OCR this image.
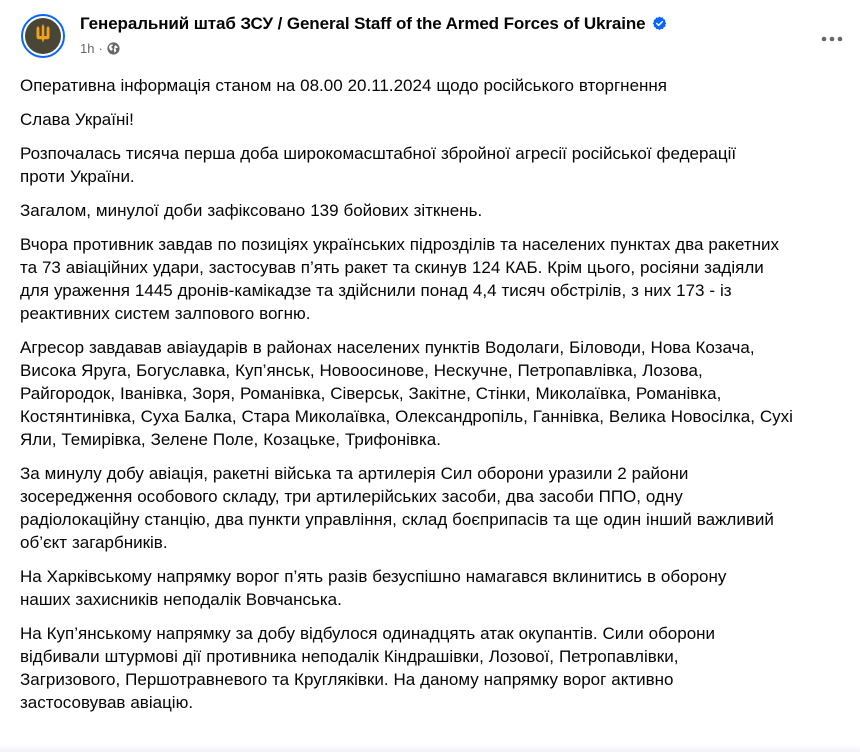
Генеральний штаб ЗСУ / General Staff of the Armed Forces of Ukraine
1h ·
Оперативна інформація станом на 08.00 20.11.2024 щодо російського вторгнення
Слава Україні!
Розпочалась тисяча перша доба широкомасштабної збройної агресії російської федерації
проти України.
Загалом, минулої доби зафіксовано 139 бойових зіткнень.
Вчора противник завдав по позиціях українських підрозділів та населених пунктах два ракетних
та 73 авіаційних удари, застосував п’ять ракет та скинув 124 КАБ. Крім цього, росіяни задіяли
для ураження 1445 дронів-камікадзе та здійснили понад 4,4 тисяч обстрілів, з них 173 - із
реактивних систем залпового вогню.
Агресор завдавав авіаударів в районах населених пунктів Водолаги, Біловоди, Нова Козача,
Висока Яруга, Богуславка, Куп’янськ, Новоосинове, Нескучне, Петропавлівка, Лозова,
Райгородок, Іванівка, Зоря, Романівка, Сіверськ, Закітне, Стінки, Миколаївка, Романівка,
Костянтинівка, Суха Балка, Стара Миколаївка, Олександропіль, Ганнівка, Велика Новосілка, Сухі
Яли, Темирівка, Зелене Поле, Козацьке, Трифонівка.
За минулу добу авіація, ракетні війська та артилерія Сил оборони уразили 2 райони
зосередження особового складу, три артилерійських засоби, два засоби ППО, одну
радіолокаційну станцію, два пункти управління, склад боєприпасів та ще один інший важливий
об’єкт загарбників.
На Харківському напрямку ворог п’ять разів безуспішно намагався вклинитись в оборону
наших захисників неподалік Вовчанська.
На Куп’янському напрямку за добу відбулося одинадцять атак окупантів. Сили оборони
відбивали штурмові дії противника неподалік Кіндрашівки, Лозової, Петропавлівки,
Загризового, Першотравневого та Кругляківки. На даному напрямку ворог активно
застосовував авіацію.
